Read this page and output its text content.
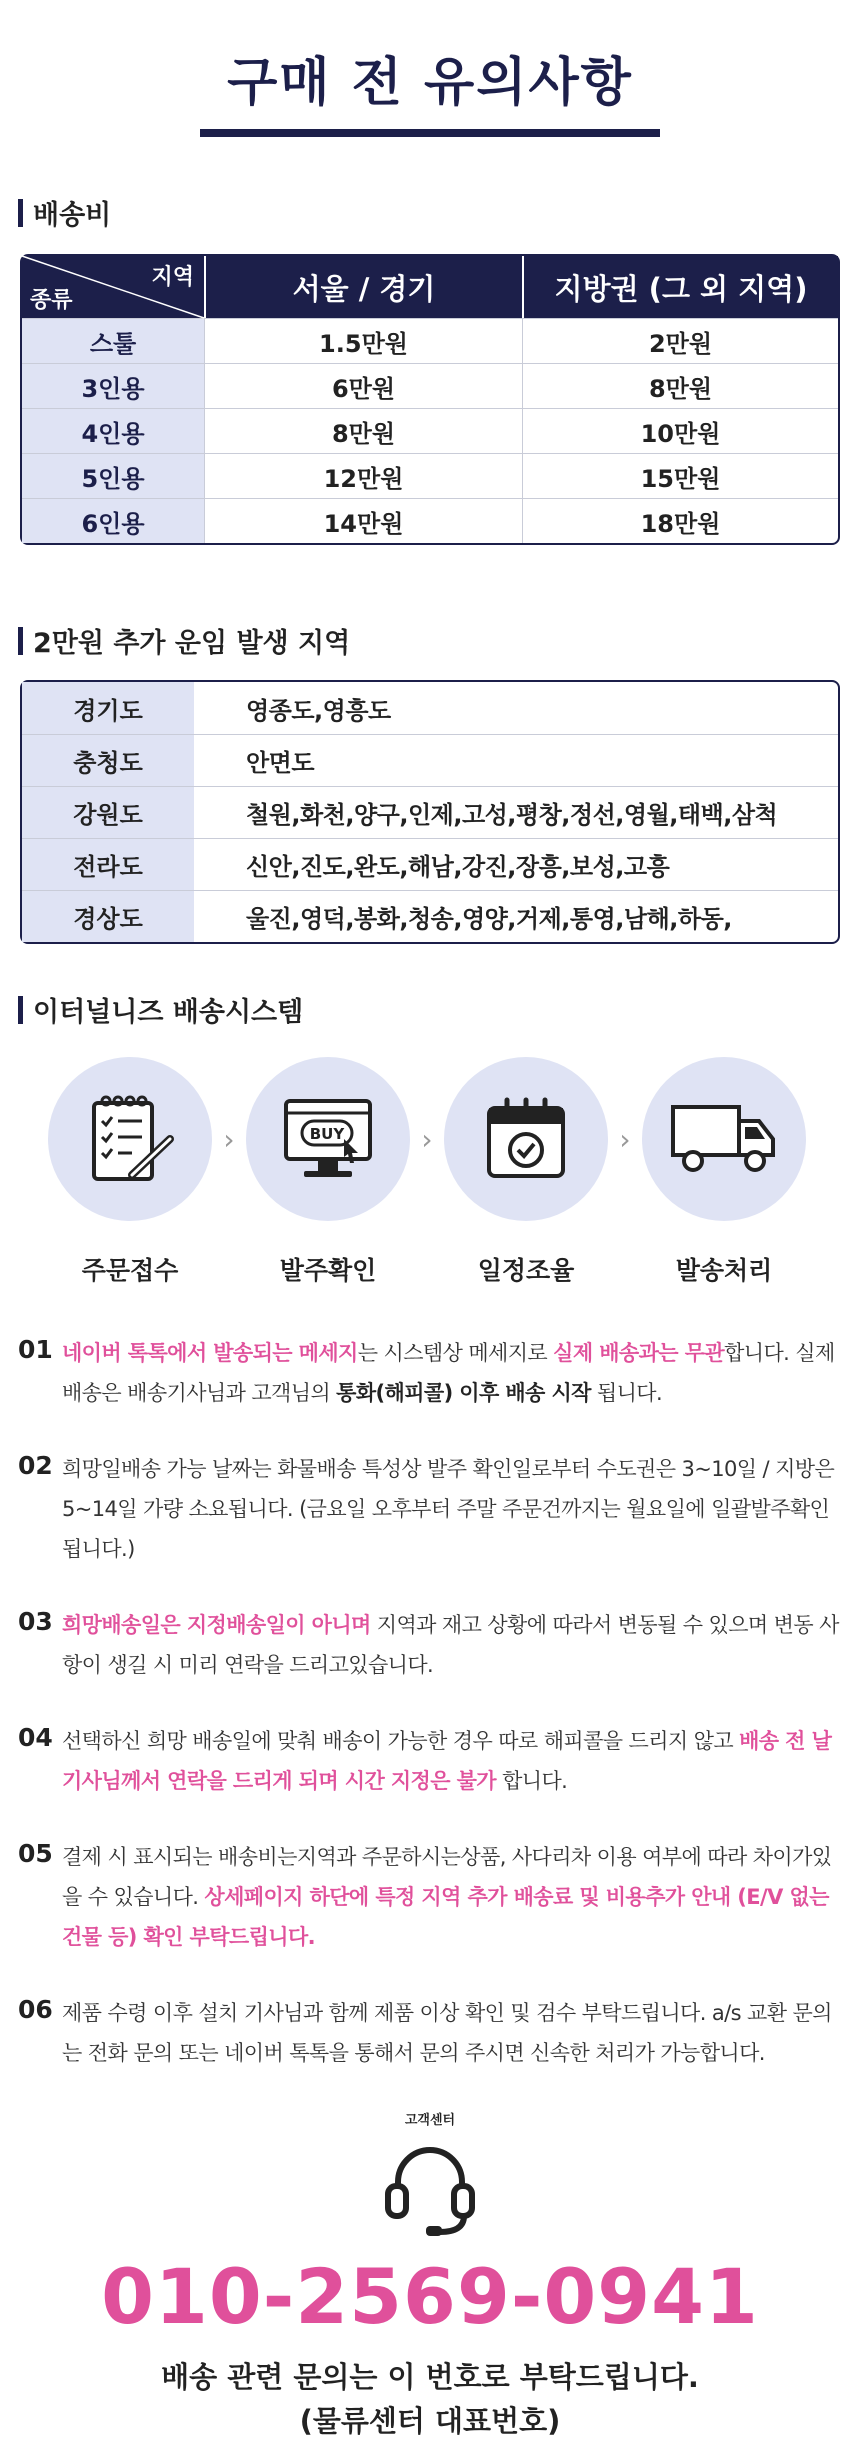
구매 전 유의사항
배송비
지역
종류	서울 / 경기	지방권 (그 외 지역)
스툴	1.5만원	2만원
3인용	6만원	8만원
4인용	8만원	10만원
5인용	12만원	15만원
6인용	14만원	18만원
2만원 추가 운임 발생 지역
경기도	영종도,영흥도
충청도	안면도
강원도	철원,화천,양구,인제,고성,평창,정선,영월,태백,삼척
전라도	신안,진도,완도,해남,강진,장흥,보성,고흥
경상도	울진,영덕,봉화,청송,영양,거제,통영,남해,하동,
이터널니즈 배송시스템
주문접수
›	BUY
발주확인
›
일정조율
›
발송처리
01 네이버 톡톡에서 발송되는 메세지는 시스템상 메세지로 실제 배송과는 무관합니다. 실제 배송은 배송기사님과 고객님의 통화(해피콜) 이후 배송 시작 됩니다.
02 희망일배송 가능 날짜는 화물배송 특성상 발주 확인일로부터 수도권은 3~10일 / 지방은5~14일 가량 소요됩니다. (금요일 오후부터 주말 주문건까지는 월요일에 일괄발주확인됩니다.)
03 희망배송일은 지정배송일이 아니며 지역과 재고 상황에 따라서 변동될 수 있으며 변동 사항이 생길 시 미리 연락을 드리고있습니다.
04 선택하신 희망 배송일에 맞춰 배송이 가능한 경우 따로 해피콜을 드리지 않고 배송 전 날 기사님께서 연락을 드리게 되며 시간 지정은 불가 합니다.
05 결제 시 표시되는 배송비는지역과 주문하시는상품, 사다리차 이용 여부에 따라 차이가있을 수 있습니다. 상세페이지 하단에 특정 지역 추가 배송료 및 비용추가 안내 (E/V 없는 건물 등) 확인 부탁드립니다.
06 제품 수령 이후 설치 기사님과 함께 제품 이상 확인 및 검수 부탁드립니다. a/s 교환 문의는 전화 문의 또는 네이버 톡톡을 통해서 문의 주시면 신속한 처리가 가능합니다.
고객센터
010-2569-0941
배송 관련 문의는 이 번호로 부탁드립니다.
(물류센터 대표번호)
